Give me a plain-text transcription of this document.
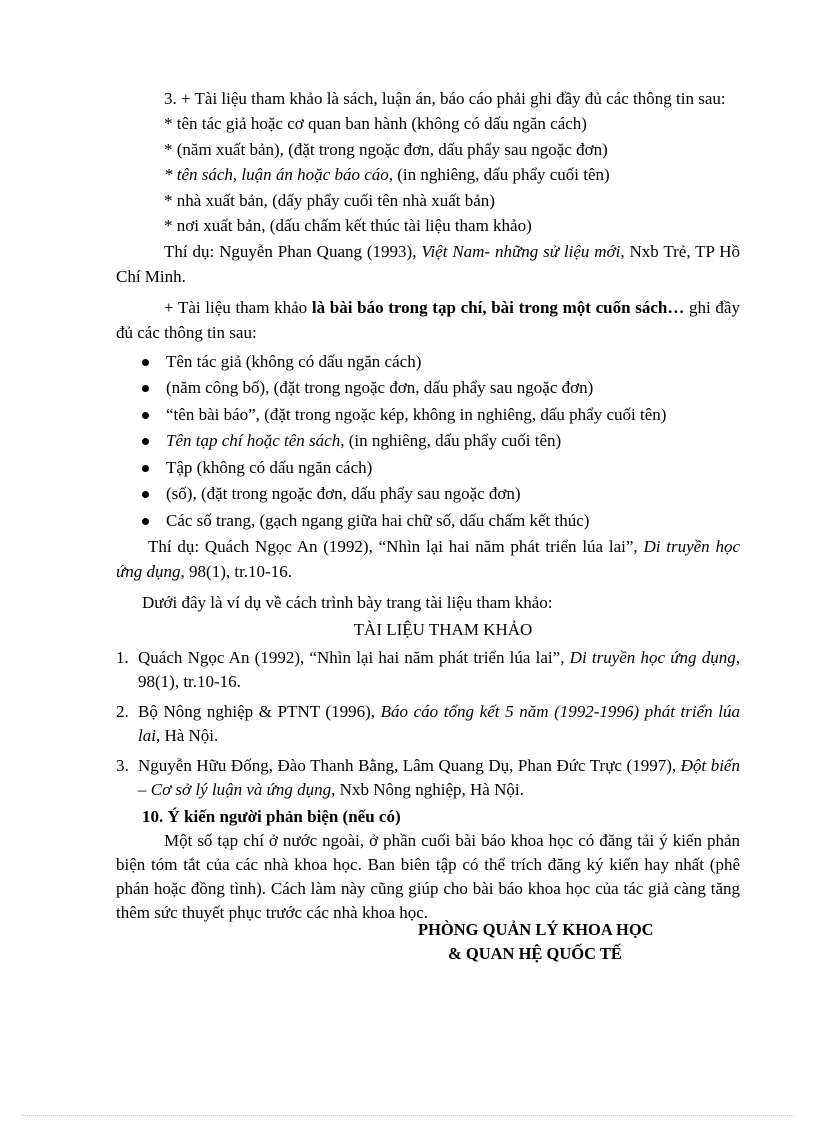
3. + Tài liệu tham khảo là sách, luận án, báo cáo phải ghi đầy đủ các thông tin sau:

* tên tác giả hoặc cơ quan ban hành (không có dấu ngăn cách)

* (năm xuất bản), (đặt trong ngoặc đơn, dấu phẩy sau ngoặc đơn)

* tên sách, luận án hoặc báo cáo, (in nghiêng, dấu phẩy cuối tên)

* nhà xuất bản, (dấy phẩy cuối tên nhà xuất bản)

* nơi xuất bản, (dấu chấm kết thúc tài liệu tham khảo)

Thí dụ: Nguyễn Phan Quang (1993), Việt Nam- những sử liệu mới, Nxb Trẻ, TP Hồ Chí Minh.

+ Tài liệu tham khảo là bài báo trong tạp chí, bài trong một cuốn sách… ghi đầy đủ các thông tin sau:

Tên tác giả (không có dấu ngăn cách)
(năm công bố), (đặt trong ngoặc đơn, dấu phẩy sau ngoặc đơn)
“tên bài báo”, (đặt trong ngoặc kép, không in nghiêng, dấu phẩy cuối tên)
Tên tạp chí hoặc tên sách, (in nghiêng, dấu phẩy cuối tên)
Tập (không có dấu ngăn cách)
(số), (đặt trong ngoặc đơn, dấu phẩy sau ngoặc đơn)
Các số trang, (gạch ngang giữa hai chữ số, dấu chấm kết thúc)

Thí dụ: Quách Ngọc An (1992), “Nhìn lại hai năm phát triển lúa lai”, Di truyền học ứng dụng, 98(1), tr.10-16.

Dưới đây là ví dụ về cách trình bày trang tài liệu tham khảo:

TÀI LIỆU THAM KHẢO

1. Quách Ngọc An (1992), “Nhìn lại hai năm phát triển lúa lai”, Di truyền học ứng dụng, 98(1), tr.10-16.
2. Bộ Nông nghiệp & PTNT (1996), Báo cáo tổng kết 5 năm (1992-1996) phát triển lúa lai, Hà Nội.
3. Nguyễn Hữu Đống, Đào Thanh Bằng, Lâm Quang Dụ, Phan Đức Trực (1997), Đột biến – Cơ sở lý luận và ứng dụng, Nxb Nông nghiệp, Hà Nội.

10. Ý kiến người phản biện (nếu có)

Một số tạp chí ở nước ngoài, ở phần cuối bài báo khoa học có đăng tải ý kiến phản biện tóm tắt của các nhà khoa học. Ban biên tập có thể trích đăng ký kiến hay nhất (phê phán hoặc đồng tình). Cách làm này cũng giúp cho bài báo khoa học của tác giả càng tăng thêm sức thuyết phục trước các nhà khoa học.

PHÒNG QUẢN LÝ KHOA HỌC
& QUAN HỆ QUỐC TẾ
